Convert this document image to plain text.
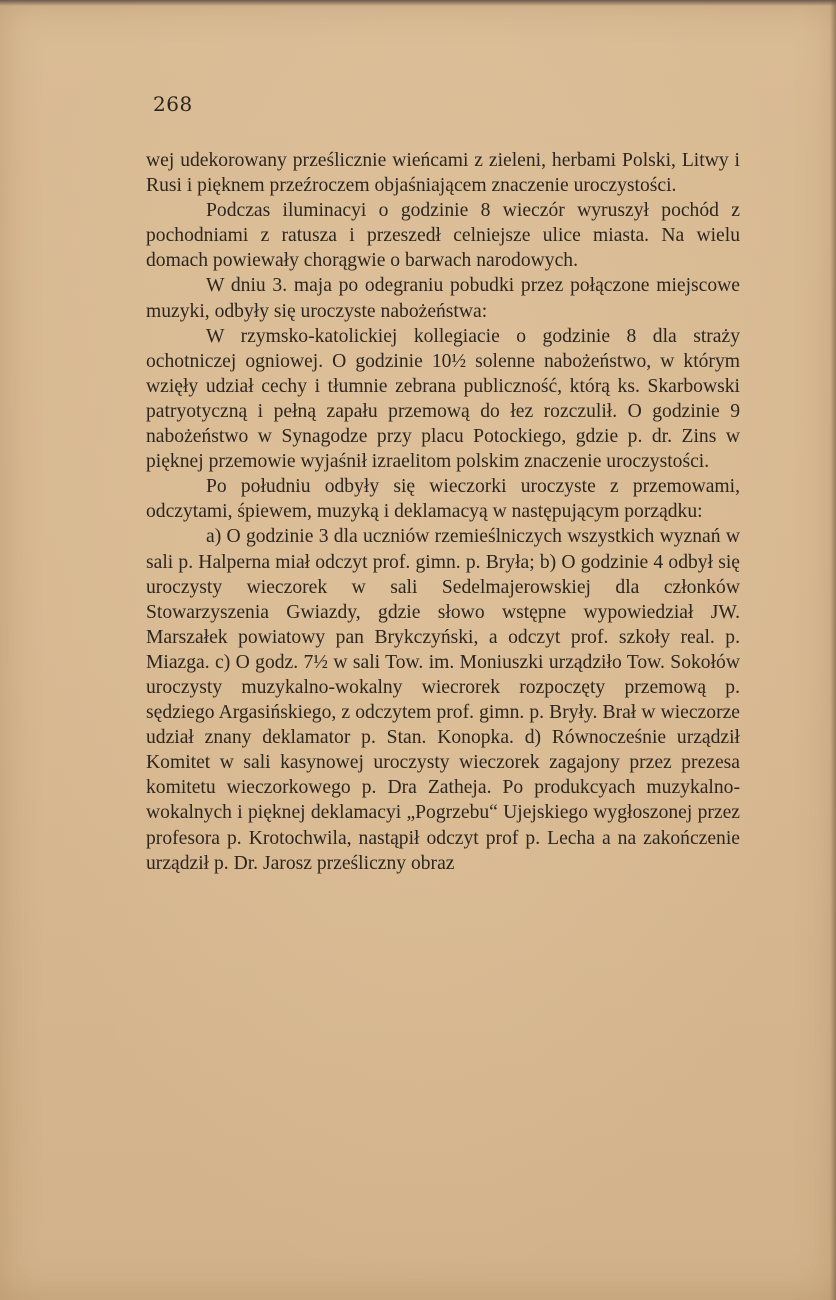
268

wej udekorowany prześlicznie wieńcami z zieleni, herbami Polski, Litwy i Rusi i pięknem przeźroczem objaśniającem znaczenie uroczystości.

Podczas iluminacyi o godzinie 8 wieczór wyruszył pochód z pochodniami z ratusza i przeszedł celniejsze ulice miasta. Na wielu domach powiewały chorągwie o barwach narodowych.

W dniu 3. maja po odegraniu pobudki przez połączone miejscowe muzyki, odbyły się uroczyste nabożeństwa:

W rzymsko-katolickiej kollegiacie o godzinie 8 dla straży ochotniczej ogniowej. O godzinie 10½ solenne nabożeństwo, w którym wzięły udział cechy i tłumnie zebrana publiczność, którą ks. Skarbowski patryotyczną i pełną zapału przemową do łez rozczulił. O godzinie 9 nabożeństwo w Synagodze przy placu Potockiego, gdzie p. dr. Zins w pięknej przemowie wyjaśnił izraelitom polskim znaczenie uroczystości.

Po południu odbyły się wieczorki uroczyste z przemowami, odczytami, śpiewem, muzyką i deklamacyą w następującym porządku:

a) O godzinie 3 dla uczniów rzemieślniczych wszystkich wyznań w sali p. Halperna miał odczyt prof. gimn. p. Bryła; b) O godzinie 4 odbył się uroczysty wieczorek w sali Sedelmajerowskiej dla członków Stowarzyszenia Gwiazdy, gdzie słowo wstępne wypowiedział JW. Marszałek powiatowy pan Brykczyński, a odczyt prof. szkoły real. p. Miazga. c) O godz. 7½ w sali Tow. im. Moniuszki urządziło Tow. Sokołów uroczysty muzykalno-wokalny wiecrorek rozpoczęty przemową p. sędziego Argasińskiego, z odczytem prof. gimn. p. Bryły. Brał w wieczorze udział znany deklamator p. Stan. Konopka. d) Równocześnie urządził Komitet w sali kasynowej uroczysty wieczorek zagajony przez prezesa komitetu wieczorkowego p. Dra Zatheja. Po produkcyach muzykalno-wokalnych i pięknej deklamacyi „Pogrzebu“ Ujejskiego wygłoszonej przez profesora p. Krotochwila, nastąpił odczyt prof p. Lecha a na zakończenie urządził p. Dr. Jarosz prześliczny obraz
